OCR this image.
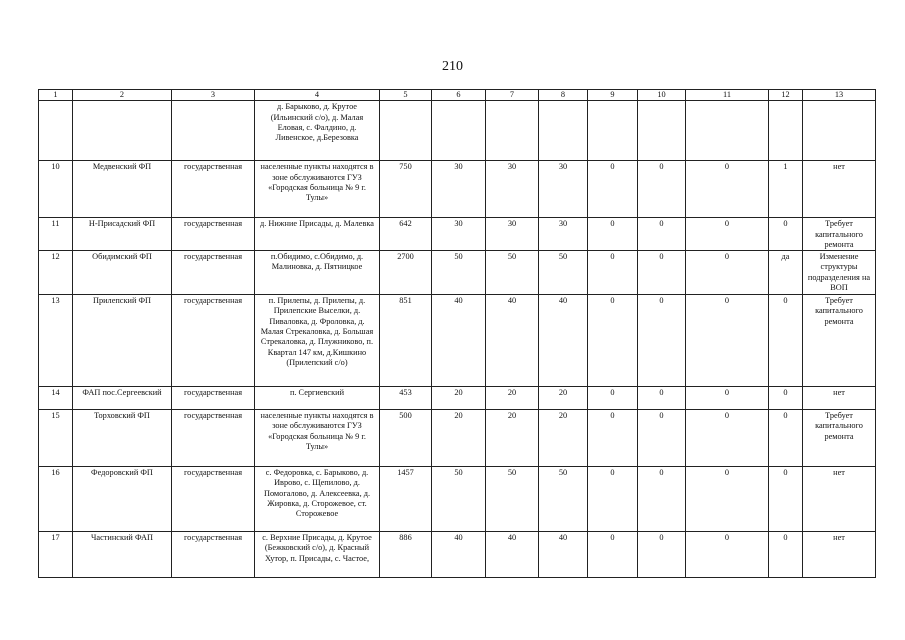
210
1	2	3	4	5	6	7	8	9	10	11	12	13
			д. Барыково, д. Крутое (Ильинский с/о), д. Малая Еловая, с. Фалдино, д. Ливенское, д.Березовка									
10	Медвенский ФП	государственная	населенные пункты находятся в зоне обслуживаются ГУЗ «Городская больница № 9 г. Тулы»	750	30	30	30	0	0	0	1	нет
11	Н-Присадский ФП	государственная	д. Нижние Присады, д. Малевка	642	30	30	30	0	0	0	0	Требует капитального ремонта
12	Обидимский ФП	государственная	п.Обидимо, с.Обидимо, д. Малиновка, д. Пятницкое	2700	50	50	50	0	0	0	да	Изменение структуры подразделения на ВОП
13	Прилепский ФП	государственная	п. Прилепы, д. Прилепы, д. Прилепские Выселки, д. Пиваловка, д. Фроловка, д. Малая Стрекаловка, д. Большая Стрекаловка, д. Плужниково, п. Квартал 147 км, д.Кишкино (Прилепский с/о)	851	40	40	40	0	0	0	0	Требует капитального ремонта
14	ФАП пос.Сергеевский	государственная	п. Сергиевский	453	20	20	20	0	0	0	0	нет
15	Торховский ФП	государственная	населенные пункты находятся в зоне обслуживаются ГУЗ «Городская больница № 9 г. Тулы»	500	20	20	20	0	0	0	0	Требует капитального ремонта
16	Федоровский ФП	государственная	с. Федоровка, с. Барыково, д. Иврово, с. Щепилово, д. Помогалово, д. Алексеевка, д. Жировка, д. Сторожевое, ст. Сторожевое	1457	50	50	50	0	0	0	0	нет
17	Частинский ФАП	государственная	с. Верхние Присады, д. Крутое (Бежковский с/о), д. Красный Хутор, п. Присады, с. Частое,	886	40	40	40	0	0	0	0	нет
